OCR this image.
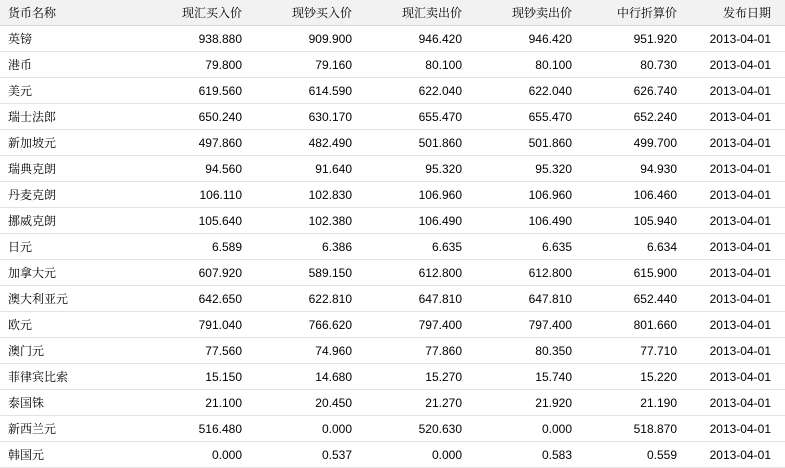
货币名称	现汇买入价	现钞买入价	现汇卖出价	现钞卖出价	中行折算价	发布日期
英镑	938.880	909.900	946.420	946.420	951.920	2013-04-01
港币	79.800	79.160	80.100	80.100	80.730	2013-04-01
美元	619.560	614.590	622.040	622.040	626.740	2013-04-01
瑞士法郎	650.240	630.170	655.470	655.470	652.240	2013-04-01
新加坡元	497.860	482.490	501.860	501.860	499.700	2013-04-01
瑞典克朗	94.560	91.640	95.320	95.320	94.930	2013-04-01
丹麦克朗	106.110	102.830	106.960	106.960	106.460	2013-04-01
挪威克朗	105.640	102.380	106.490	106.490	105.940	2013-04-01
日元	6.589	6.386	6.635	6.635	6.634	2013-04-01
加拿大元	607.920	589.150	612.800	612.800	615.900	2013-04-01
澳大利亚元	642.650	622.810	647.810	647.810	652.440	2013-04-01
欧元	791.040	766.620	797.400	797.400	801.660	2013-04-01
澳门元	77.560	74.960	77.860	80.350	77.710	2013-04-01
菲律宾比索	15.150	14.680	15.270	15.740	15.220	2013-04-01
泰国铢	21.100	20.450	21.270	21.920	21.190	2013-04-01
新西兰元	516.480	0.000	520.630	0.000	518.870	2013-04-01
韩国元	0.000	0.537	0.000	0.583	0.559	2013-04-01
